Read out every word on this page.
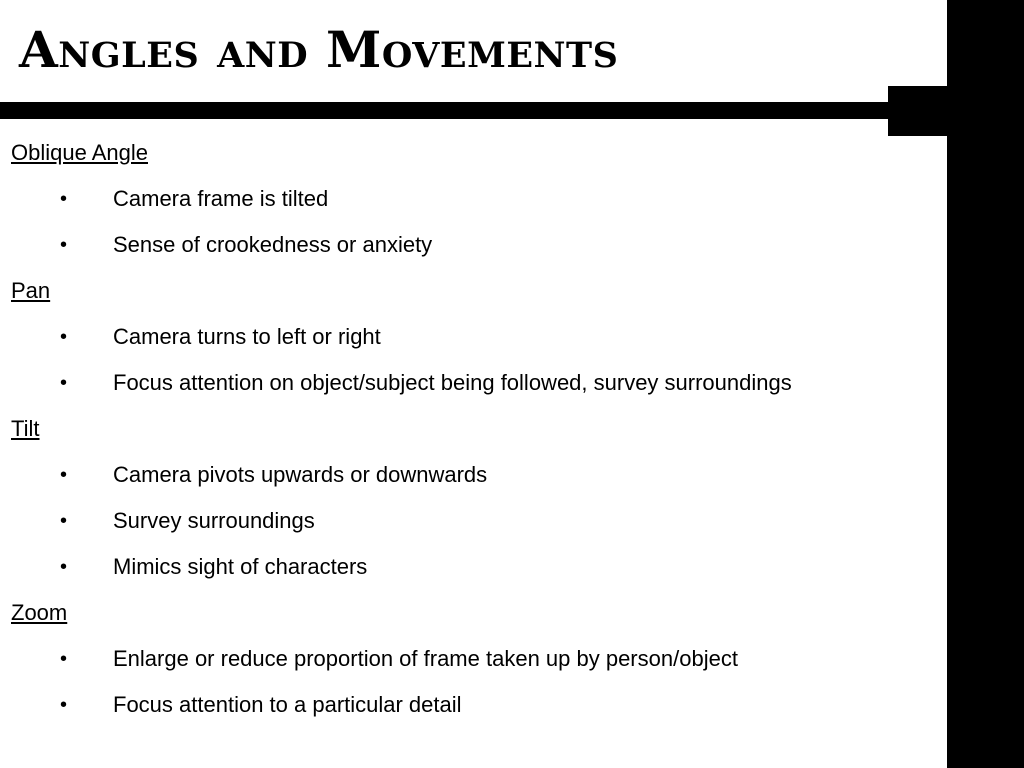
Angles and Movements
Oblique Angle
• Camera frame is tilted
• Sense of crookedness or anxiety
Pan
• Camera turns to left or right
• Focus attention on object/subject being followed, survey surroundings
Tilt
• Camera pivots upwards or downwards
• Survey surroundings
• Mimics sight of characters
Zoom
• Enlarge or reduce proportion of frame taken up by person/object
• Focus attention to a particular detail
